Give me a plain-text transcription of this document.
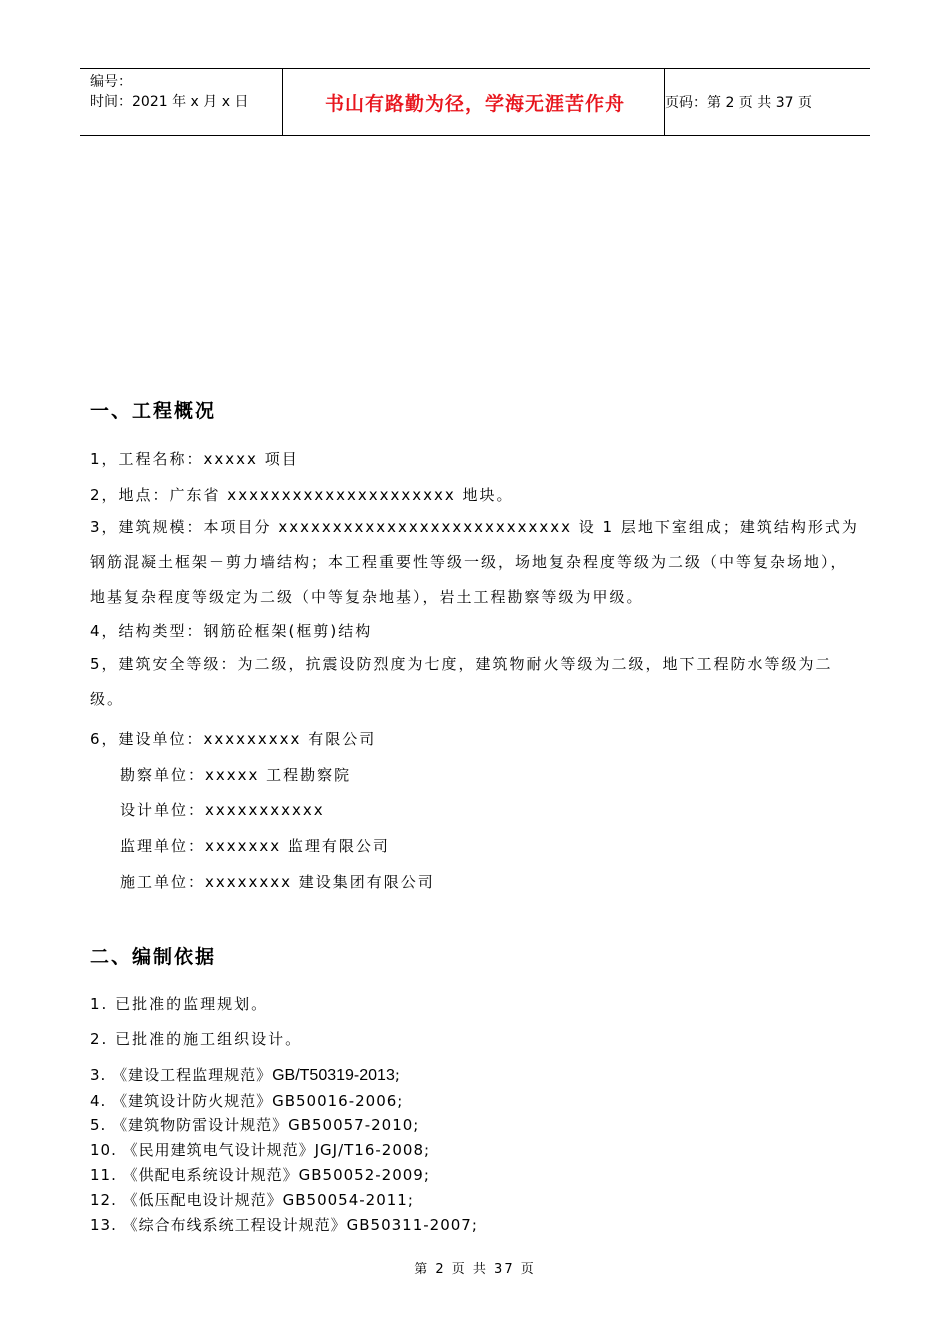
编号：
时间：2021 年 x 月 x 日	书山有路勤为径，学海无涯苦作舟	页码：第 2 页 共 37 页
一、工程概况
1，工程名称：xxxxx 项目
2，地点：广东省 xxxxxxxxxxxxxxxxxxxxx 地块。
3，建筑规模：本项目分 xxxxxxxxxxxxxxxxxxxxxxxxxxx 设 1 层地下室组成；建筑结构形式为钢筋混凝土框架－剪力墙结构；本工程重要性等级一级，场地复杂程度等级为二级（中等复杂场地），地基复杂程度等级定为二级（中等复杂地基），岩土工程勘察等级为甲级。
4，结构类型：钢筋砼框架(框剪)结构
5，建筑安全等级：为二级，抗震设防烈度为七度，建筑物耐火等级为二级，地下工程防水等级为二级。
6，建设单位：xxxxxxxxx 有限公司
勘察单位：xxxxx 工程勘察院
设计单位：xxxxxxxxxxx
监理单位：xxxxxxx 监理有限公司
施工单位：xxxxxxxx 建设集团有限公司
二、编制依据
1. 已批准的监理规划。
2. 已批准的施工组织设计。
3. 《建设工程监理规范》GB/T50319-2013;
4. 《建筑设计防火规范》GB50016-2006;
5. 《建筑物防雷设计规范》GB50057-2010;
10. 《民用建筑电气设计规范》JGJ/T16-2008;
11. 《供配电系统设计规范》GB50052-2009;
12. 《低压配电设计规范》GB50054-2011;
13. 《综合布线系统工程设计规范》GB50311-2007;
第 2 页 共 37 页
